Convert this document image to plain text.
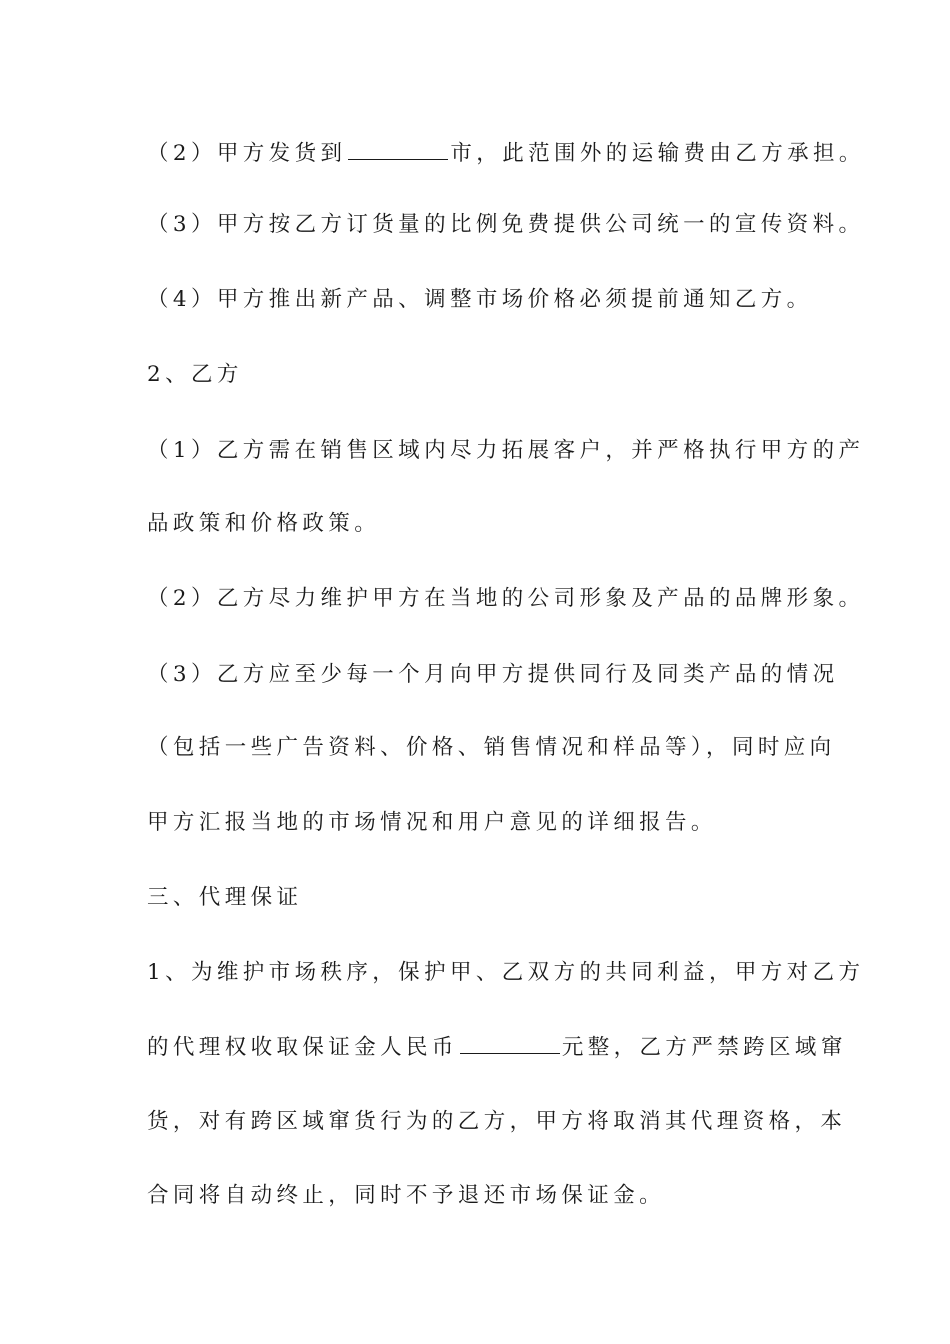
（2）甲方发货到	市，此范围外的运输费由乙方承担。
（3）甲方按乙方订货量的比例免费提供公司统一的宣传资料。
（4）甲方推出新产品、调整市场价格必须提前通知乙方。
2、乙方
（1）乙方需在销售区域内尽力拓展客户，并严格执行甲方的产
品政策和价格政策。
（2）乙方尽力维护甲方在当地的公司形象及产品的品牌形象。
（3）乙方应至少每一个月向甲方提供同行及同类产品的情况
（包括一些广告资料、价格、销售情况和样品等），同时应向
甲方汇报当地的市场情况和用户意见的详细报告。
三、代理保证
1、为维护市场秩序，保护甲、乙双方的共同利益，甲方对乙方
的代理权收取保证金人民币	元整，乙方严禁跨区域窜
货，对有跨区域窜货行为的乙方，甲方将取消其代理资格，本
合同将自动终止，同时不予退还市场保证金。
